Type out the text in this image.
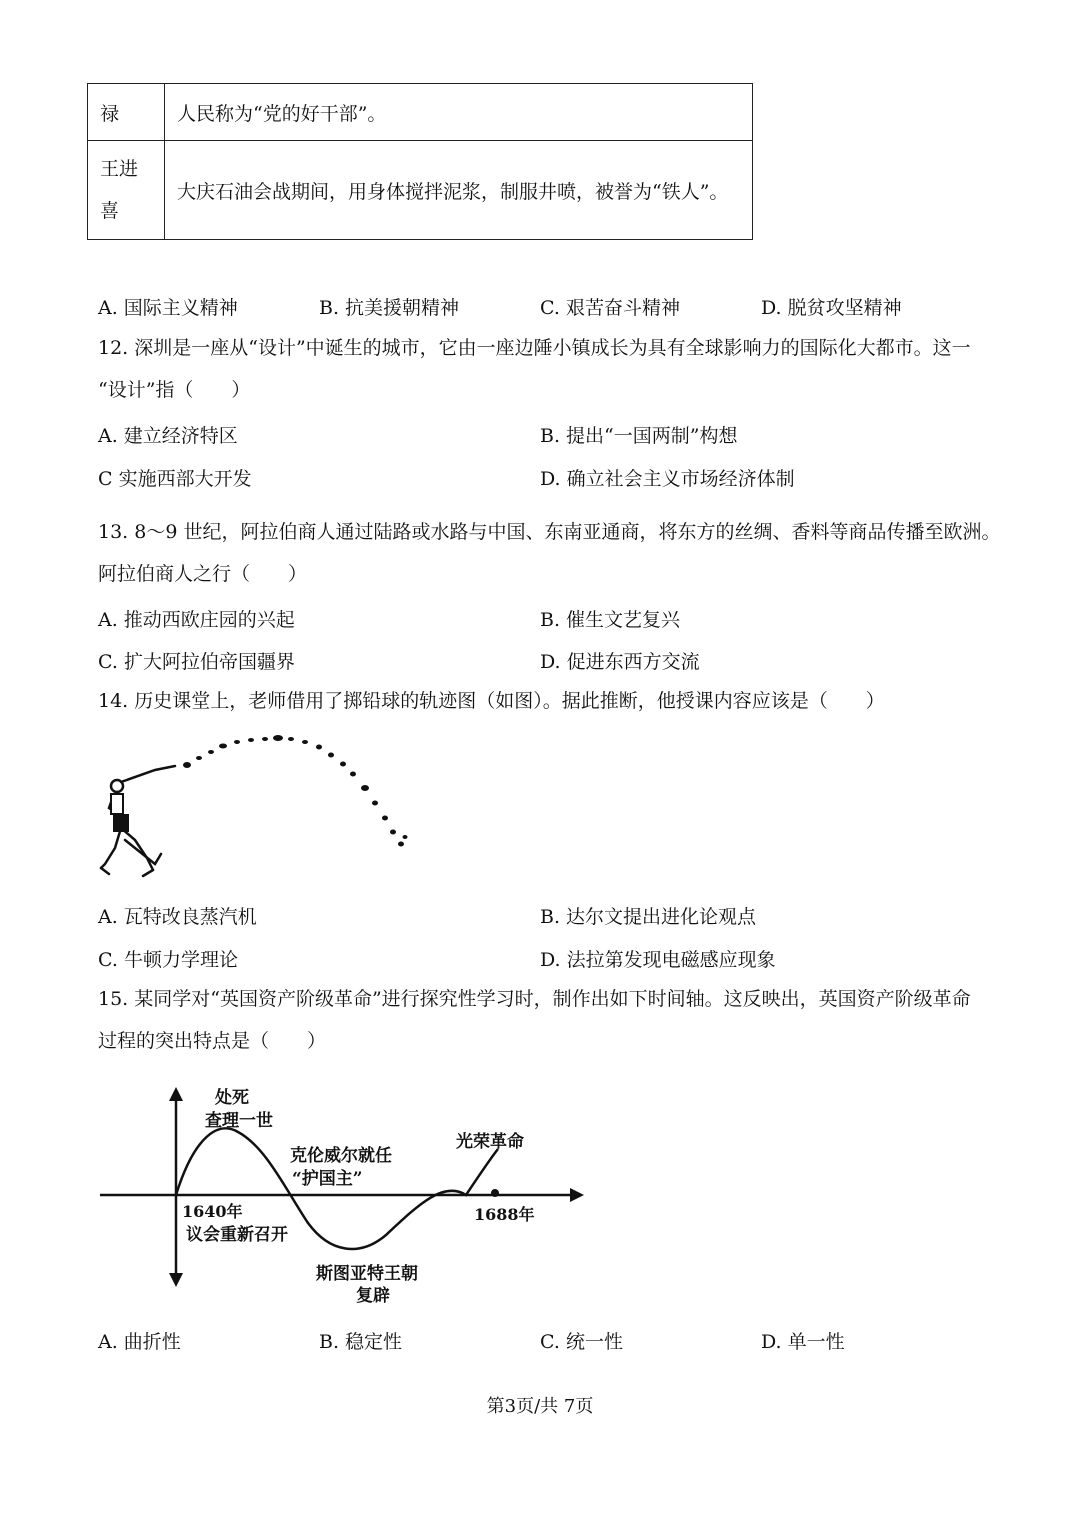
禄	人民称为“党的好干部”。

王进
喜	大庆石油会战期间，用身体搅拌泥浆，制服井喷，被誉为“铁人”。
A. 国际主义精神	B. 抗美援朝精神	C. 艰苦奋斗精神	D. 脱贫攻坚精神
12. 深圳是一座从“设计”中诞生的城市，它由一座边陲小镇成长为具有全球影响力的国际化大都市。这一
“设计”指（　　）
A. 建立经济特区	B. 提出“一国两制”构想
C 实施西部大开发	D. 确立社会主义市场经济体制
13. 8～9 世纪，阿拉伯商人通过陆路或水路与中国、东南亚通商，将东方的丝绸、香料等商品传播至欧洲。
阿拉伯商人之行（　　）
A. 推动西欧庄园的兴起	B. 催生文艺复兴
C. 扩大阿拉伯帝国疆界	D. 促进东西方交流
14. 历史课堂上，老师借用了掷铅球的轨迹图（如图）。据此推断，他授课内容应该是（　　）
A. 瓦特改良蒸汽机	B. 达尔文提出进化论观点
C. 牛顿力学理论	D. 法拉第发现电磁感应现象
15. 某同学对“英国资产阶级革命”进行探究性学习时，制作出如下时间轴。这反映出，英国资产阶级革命
过程的突出特点是（　　）
处死
查理一世
克伦威尔就任
“护国主”
光荣革命
1640年
议会重新召开
1688年
斯图亚特王朝
复辟
A. 曲折性	B. 稳定性	C. 统一性	D. 单一性
第3页/共 7页
